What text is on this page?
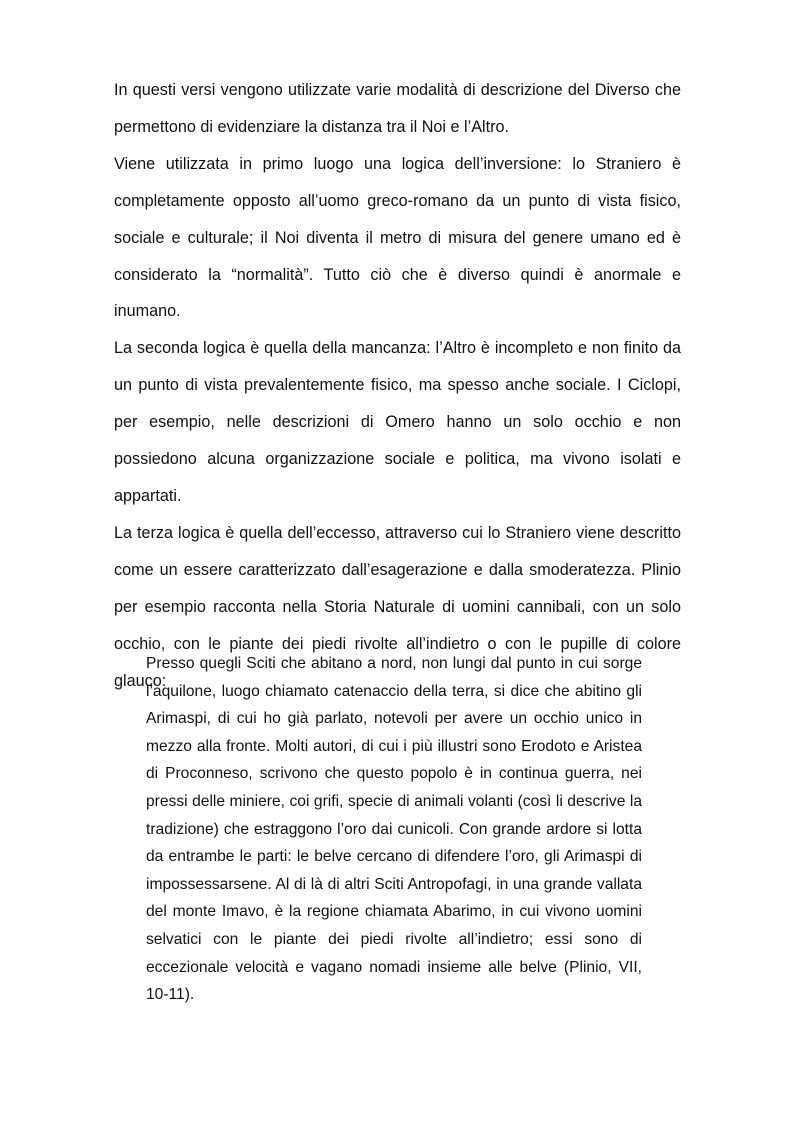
In questi versi vengono utilizzate varie modalità di descrizione del Diverso che permettono di evidenziare la distanza tra il Noi e l’Altro.

Viene utilizzata in primo luogo una logica dell’inversione: lo Straniero è completamente opposto all’uomo greco-romano da un punto di vista fisico, sociale e culturale; il Noi diventa il metro di misura del genere umano ed è considerato la “normalità”. Tutto ciò che è diverso quindi è anormale e inumano.

La seconda logica è quella della mancanza: l’Altro è incompleto e non finito da un punto di vista prevalentemente fisico, ma spesso anche sociale. I Ciclopi, per esempio, nelle descrizioni di Omero hanno un solo occhio e non possiedono alcuna organizzazione sociale e politica, ma vivono isolati e appartati.

La terza logica è quella dell’eccesso, attraverso cui lo Straniero viene descritto come un essere caratterizzato dall’esagerazione e dalla smoderatezza. Plinio per esempio racconta nella Storia Naturale di uomini cannibali, con un solo occhio, con le piante dei piedi rivolte all’indietro o con le pupille di colore glauco:

Presso quegli Sciti che abitano a nord, non lungi dal punto in cui sorge l’aquilone, luogo chiamato catenaccio della terra, si dice che abitino gli Arimaspi, di cui ho già parlato, notevoli per avere un occhio unico in mezzo alla fronte. Molti autori, di cui i più illustri sono Erodoto e Aristea di Proconneso, scrivono che questo popolo è in continua guerra, nei pressi delle miniere, coi grifi, specie di animali volanti (così li descrive la tradizione) che estraggono l’oro dai cunicoli. Con grande ardore si lotta da entrambe le parti: le belve cercano di difendere l’oro, gli Arimaspi di impossessarsene. Al di là di altri Sciti Antropofagi, in una grande vallata del monte Imavo, è la regione chiamata Abarimo, in cui vivono uomini selvatici con le piante dei piedi rivolte all’indietro; essi sono di eccezionale velocità e vagano nomadi insieme alle belve (Plinio, VII, 10-11).
